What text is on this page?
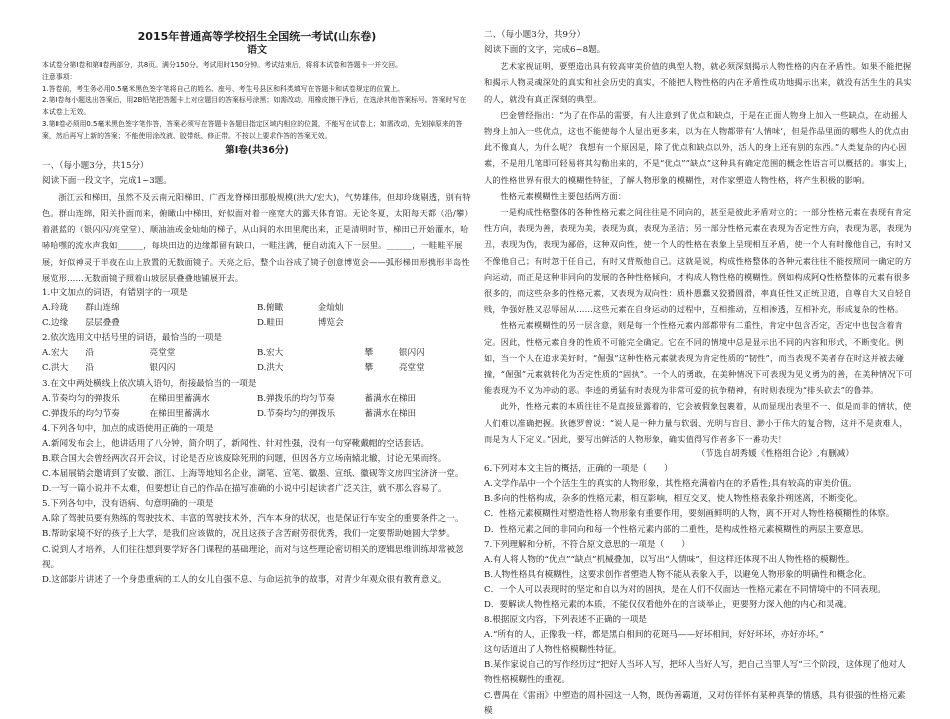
2015年普通高等学校招生全国统一考试(山东卷)
语文
本试卷分第Ⅰ卷和第Ⅱ卷两部分，共8页。满分150分。考试用时150分钟。考试结束后，将将本试卷和答题卡一并交回。
注意事项：
1.答卷前，考生务必用0.5毫米黑色签字笔将自己的姓名、座号、考生号县区和科类填写在答题卡和试卷规定的位置上。
2.第Ⅰ卷每小题选出答案后，用2B铅笔把答题卡上对应题目的答案标号涂黑；如需改动，用橡皮擦干净后，在选涂其他答案标号。答案时写在本试卷上无效。
3.第Ⅱ卷必须用0.5毫米黑色签字笔作答，答案必须写在答题卡各题目指定区域内相应的位置，不能写在试卷上；如需改动，先划掉原来的答案，然后再写上新的答案；不能使用涂改液、胶带纸、修正带。不按以上要求作答的答案无效。
第Ⅰ卷(共36分)
一、（每小题3分，共15分）
阅读下面一段文字，完成1~3题。
浙江云和梯田，虽然不及云南元阳梯田、广西龙脊梯田那般规模(洪大/宏大)，气势雄伟，但却玲珑剔透，别有特色。群山连绵，阳关扑面而来，俯瞰山中梯田，好似面对着一座宽大的露天体育馆。无论冬夏，太阳每天都（沿/攀）着湛蓝的（银闪闪/亮堂堂）、顺油油或金灿灿的梯子，从山间的水田里爬出来，正是清明时节，梯田已开始灌水，哈哧哈嘿的流水声我如______，每块田边的边缘都留有缺口，一畦注满，便自动流入下一层里。______，一畦畦平展展，好似神灵于半夜在山上放置的无数面镜子。天亮之后，整个山谷成了镜子创意博览会——弧形梯田形携形半岛性展览形……无数面镜子照着山坡层层叠叠地铺展开去。
1.中文加点的词语，有错别字的一项是
A.玲珑　　群山连绵	B.俯瞰　　　　金灿灿
C.边缘　　层层叠叠	D.畦田　　　　博览会
2.依次选用文中括号里的词语，最恰当的一项是
A.宏大　　沿	亮堂堂	B.宏大	攀　　　银闪闪
C.洪大　　沿	银闪闪	D.洪大	攀　　　亮堂堂
3.在文中两处横线上依次填入语句，衔接最恰当的一项是
A.节奏均匀的弹拨乐	在梯田里蓄满水	B.弹拨乐的均匀节奏	蓄满水在梯田
C.弹拨乐的均匀节奏	在梯田里蓄满水	D.节奏均匀的弹拨乐	蓄满水在梯田
4.下列各句中，加点的成语使用正确的一项是
A.新闻发布会上，他讲话用了八分钟，简介明了，新闻性、针对性强，没有一句穿靴戴帽的空话套话。
B.联合国大会曾经两次召开会议，讨论是否应该废除死刑的问题，但因各方立场南辕北辙，讨论无果而终。
C.本届展销会邀请到了安徽、浙江、上海等地知名企业，湖笔、宣笔、徽墨、宣纸、徽砚等文房四宝济济一堂。
D.一写一篇小说并不太难，但要想让自己的作品在描写准确的小说中引起读者广泛关注，就不那么容易了。
5.下列各句中，没有语病、句意明确的一项是
A.除了驾驶员要有熟练的驾驶技术、丰富的驾驶技术外，汽车本身的状况，也是保证行车安全的重要条件之一。
B.帮助家境不好的孩子上大学，是我们应该做的，况且这孩子含苦耐劳很优秀，我们一定要帮助她圆大学梦。
C.说到人才培养，人们往往想到要学好各门课程的基础理论，而对与这些理论密切相关的逻辑思维训练却常被忽视。
D.这部影片讲述了一个身患重病的工人的女儿自强不息、与命运抗争的故事，对青少年观众很有教育意义。
二、（每小题3分，共9分）
阅读下面的文字，完成6~8题。
艺术家视证明，要塑造出具有较高审美价值的典型人物，就必须深刻揭示人物性格的内在矛盾性。如果不能把握和揭示人物灵魂深处的真实和社会历史的真实，不能把人物性格的内在矛盾性成功地揭示出来，就没有活生生的具实的人，就没有真正深刻的典型。
巴金曾经指出：“为了在作品的需要，有人注意到了优点和缺点，于是在正面人物身上加入一些缺点，在动摇人物身上加入一些优点，这也不能使每个人显出更多来，以为在人物都带有‘人情味’，但是作品里面的哪些人的优点由此不像真人，为什么呢？ 我想有一个原因是，除了优点和缺点以外，活人的身上还有别的东西。”人类复杂的内心因素，不是用几笔即可轻易将其勾勒出来的，不是“优点”“缺点”这种具有确定范围的概念性语言可以概括的。事实上，人的性格世界有很大的模糊性特征，了解人物形象的模糊性，对作家塑造人物性格，将产生积极的影响。
性格元素模糊性主要包括两方面：
一是构成性格整体的各种性格元素之间往往是不同向的，甚至是彼此矛盾对立的；一部分性格元素在表现有肯定性方向，表现为善，表现为美，表现为真，表现为圣洁；另一部分性格元素在表现为否定性方向，表现为恶，表现为丑，表现为伪，表现为鄙俗，这种双向性，使一个人的性格在表象上呈现相互矛盾，使一个人有时像他自己，有时又不像他自己；有时忽于任自己，有时又背叛他自己。这就是说，构成性格整体的各种元素往往不能按照同一确定的方向运动，而正是这种非同向的发展的各种性格倾向，才构成人物性格的模糊性。例如构成阿Q性格整体的元素有很多很多的，而这些杂多的性格元素，又表现为双向性：质朴愚蠢又狡猾圆滑，率真任性又正统卫道，自尊自大又自轻自贱，争强好胜又忍辱屈从……这些元素在自身运动的过程中，互相推动，互相渗透，互相补充，形成复杂的性格。
性格元素模糊性的另一层含意，则是每一个性格元素内部都带有二重性，肯定中包含否定，否定中也包含着肯定。因此，性格元素自身的性质不可能完全确定。它在不同的情境中总是显示出不同的内容和形式，不断变化。例如，当一个人在追求美好时，“倔强”这种性格元素就表现为肯定性质的“韧性”，而当表现不美者存在时这并被去碰撞，“倔强”元素就转化为否定性质的“固执”。一个人的勇敢，在美种情况下可表现为见义勇为的善，在美种情况下可能表现为不义为冲动的恶。李逵的勇猛有时表现为非常可爱的抗争精神，有时则表现为“排头砍去”的鲁莽。
此外，性格元素的本质往往不是直接显露着的，它会被假象包裹着，从而显现出表里不一、似是而非的情状，使人们难以准确把握。狄德罗曾说：“说人是一种力量与软弱、光明与盲目、渺小于伟大的复合物，这并不是责难人，而是为人下定义。”因此，要写出鲜活的人物形象，确实值得写作者多下一番功夫！
（节选自胡秀媛《性格组合论》,有删减）
6.下列对本文主旨的概括，正确的一项是（　　）
A.文学作品中一个个活生生的真实的人物形象，其性格充满着内在的矛盾性;具有较高的审美价值。
B.多向的性格构成，杂多的性格元素，相互影响，相互交叉，使人物性格表象扑朔迷离，不断变化。
C．性格元素模糊性对塑造性格人物形象有重要作用，要刻画鲜明的人物，离不开对人物性格模糊性的体察。
D．性格元素之间的非同向和每一个性格元素内部的二重性，是构成性格元素模糊性的两层主要意思。
7.下列理解和分析，不符合原文意思的一项是（　　）
A.有人将人物的“优点”“缺点”机械叠加，以写出“人情味”，但这样还体现不出人物性格的模糊性。
B.人物性格具有模糊性，这要求创作者塑造人物不能从表象入手，以避免人物形象的明确性和概念化。
C．一个人可以表现时的坚定和自以为对的固执，是在人们不仅面达一性格元素在不同情境中的不同表现。
D．要解读人物性格元素的本质，不能仅仅看他外在的言谈举止，更要努力深入他的内心和灵魂。
8.根据原文内容，下列表述不正确的一项是
A.“所有的人，正像我一样，都是黑白相间的花斑马——好坏相间，好好坏坏，亦好亦坏。”
这句话道出了人物性格模糊性特征。
B.某作家说自己的写作经历过“把好人当坏人写，把坏人当好人写，把自己当罪人写”三个阶段，这体现了他对人物性格模糊性的重视。
C.曹禺在《雷雨》中塑造的周朴园这一人物，既伪善霸道，又对仿徉怀有某种真挚的情感，具有很强的性格元素模
